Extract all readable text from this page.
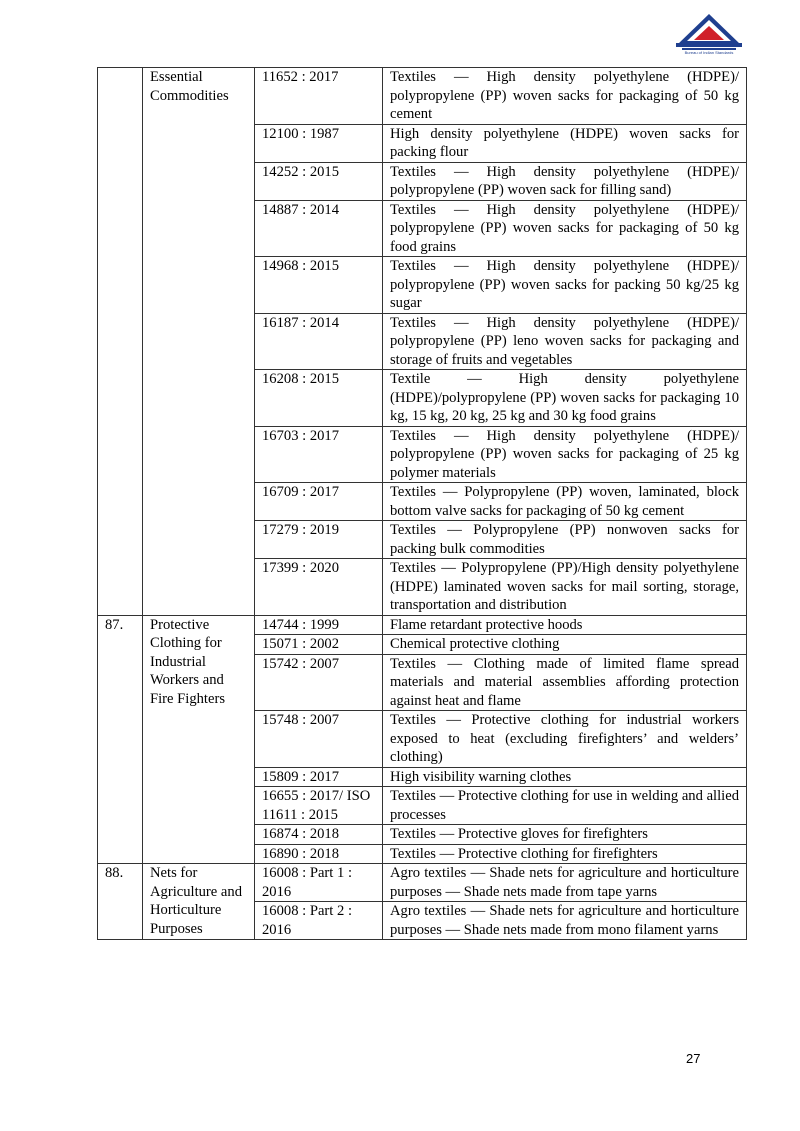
Bureau of Indian Standards
	Essential Commodities	11652 : 2017	Textiles — High density polyethylene (HDPE)/ polypropylene (PP) woven sacks for packaging of 50 kg cement
		12100 : 1987	High density polyethylene (HDPE) woven sacks for packing flour
		14252 : 2015	Textiles — High density polyethylene (HDPE)/ polypropylene (PP) woven sack for filling sand)
		14887 : 2014	Textiles — High density polyethylene (HDPE)/ polypropylene (PP) woven sacks for packaging of 50 kg food grains
		14968 : 2015	Textiles — High density polyethylene (HDPE)/ polypropylene (PP) woven sacks for packing 50 kg/25 kg sugar
		16187 : 2014	Textiles — High density polyethylene (HDPE)/ polypropylene (PP) leno woven sacks for packaging and storage of fruits and vegetables
		16208 : 2015	Textile — High density polyethylene (HDPE)/polypropylene (PP) woven sacks for packaging 10 kg, 15 kg, 20 kg, 25 kg and 30 kg food grains
		16703 : 2017	Textiles — High density polyethylene (HDPE)/ polypropylene (PP) woven sacks for packaging of 25 kg polymer materials
		16709 : 2017	Textiles — Polypropylene (PP) woven, laminated, block bottom valve sacks for packaging of 50 kg cement
		17279 : 2019	Textiles — Polypropylene (PP) nonwoven sacks for packing bulk commodities
		17399 : 2020	Textiles — Polypropylene (PP)/High density polyethylene (HDPE) laminated woven sacks for mail sorting, storage, transportation and distribution
87.	Protective Clothing for Industrial Workers and Fire Fighters	14744 : 1999	Flame retardant protective hoods
		15071 : 2002	Chemical protective clothing
		15742 : 2007	Textiles — Clothing made of limited flame spread materials and material assemblies affording protection against heat and flame
		15748 : 2007	Textiles — Protective clothing for industrial workers exposed to heat (excluding firefighters’ and welders’ clothing)
		15809 : 2017	High visibility warning clothes
		16655 : 2017/ ISO 11611 : 2015	Textiles — Protective clothing for use in welding and allied processes
		16874 : 2018	Textiles — Protective gloves for firefighters
		16890 : 2018	Textiles — Protective clothing for firefighters
88.	Nets for Agriculture and Horticulture Purposes	16008 : Part 1 : 2016	Agro textiles — Shade nets for agriculture and horticulture purposes — Shade nets made from tape yarns
		16008 : Part 2 : 2016	Agro textiles — Shade nets for agriculture and horticulture purposes — Shade nets made from mono filament yarns
27
